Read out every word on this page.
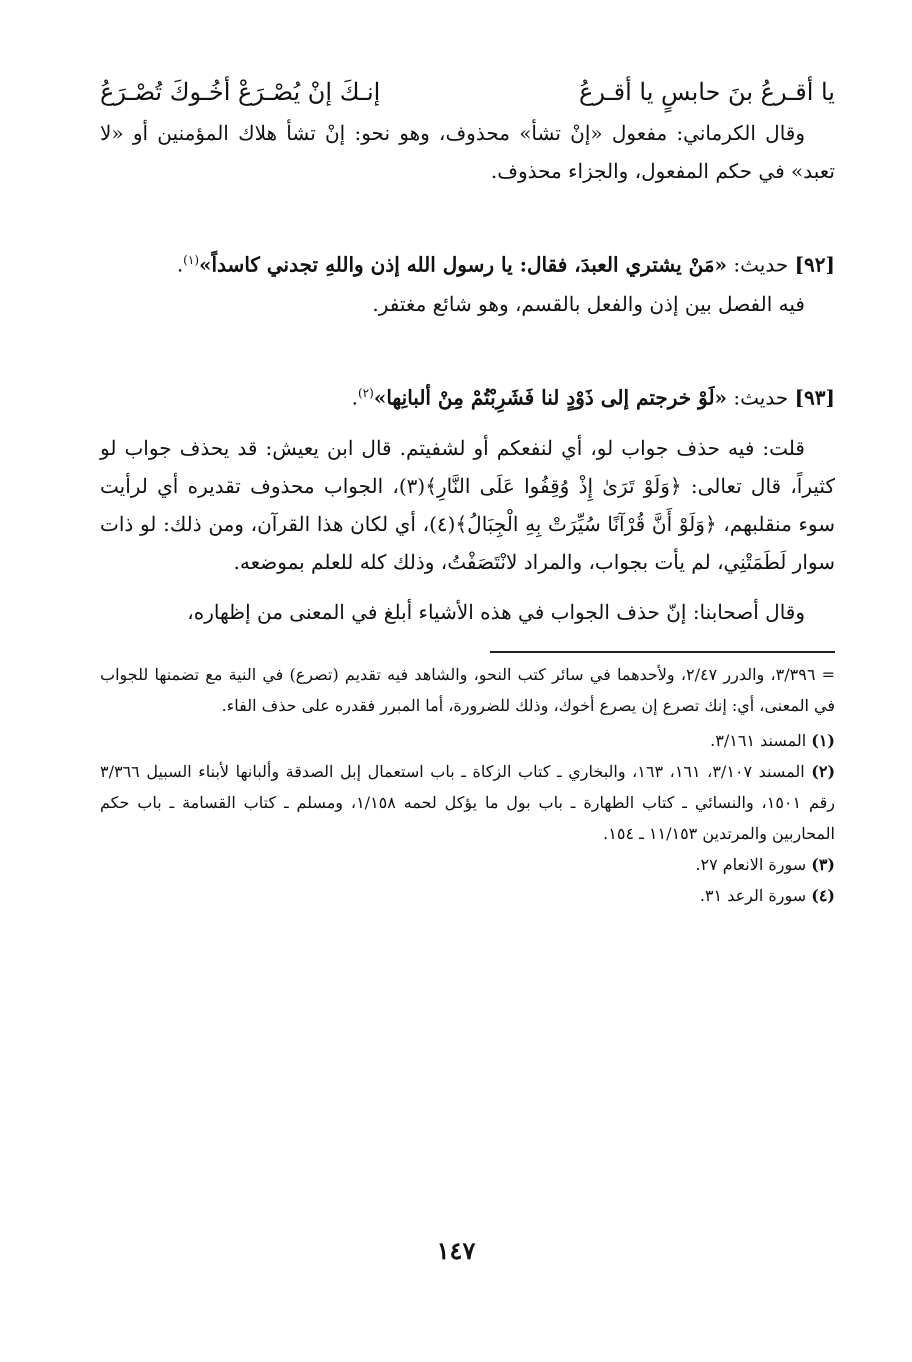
يا أقـرعُ بنَ حابسٍ يا أقـرعُ
إنـكَ إنْ يُصْـرَعْ أخُـوكَ تُصْـرَعُ

وقال الكرماني: مفعول «إنْ تشأ» محذوف، وهو نحو: إنْ تشأ هلاك المؤمنين أو «لا تعبد» في حكم المفعول، والجزاء محذوف.

[٩٢] حديث: «مَنْ يشتري العبدَ، فقال: يا رسول الله إذن واللهِ تجدني كاسداً»$^{(١)}$.

فيه الفصل بين إذن والفعل بالقسم، وهو شائع مغتفر.

[٩٣] حديث: «لَوْ خرجتم إلى ذَوْدٍ لنا فَشَرِبْتُمْ مِنْ ألبانِها»$^{(٢)}$.

قلت: فيه حذف جواب لو، أي لنفعكم أو لشفيتم. قال ابن يعيش: قد يحذف جواب لو كثيراً، قال تعالى: ﴿وَلَوْ تَرَىٰ إِذْ وُقِفُوا عَلَى النَّارِ﴾(٣)، الجواب محذوف تقديره أي لرأيت سوء منقلبهم، ﴿وَلَوْ أَنَّ قُرْآنًا سُيِّرَتْ بِهِ الْجِبَالُ﴾(٤)، أي لكان هذا القرآن، ومن ذلك: لو ذات سوار لَطَمَتْنِي، لم يأت بجواب، والمراد لانْتَصَفْتُ، وذلك كله للعلم بموضعه.

وقال أصحابنا: إنّ حذف الجواب في هذه الأشياء أبلغ في المعنى من إظهاره،

= ٣/٣٩٦، والدرر ٢/٤٧، ولأحدهما في سائر كتب النحو، والشاهد فيه تقديم (تصرع) في النية مع تضمنها للجواب في المعنى، أي: إنك تصرع إن يصرع أخوك، وذلك للضرورة، أما المبرر فقدره على حذف الفاء.

(١) المسند ٣/١٦١.

(٢) المسند ٣/١٠٧، ١٦١، ١٦٣، والبخاري ـ كتاب الزكاة ـ باب استعمال إبل الصدقة وألبانها لأبناء السبيل ٣/٣٦٦ رقم ١٥٠١، والنسائي ـ كتاب الطهارة ـ باب بول ما يؤكل لحمه ١/١٥٨، ومسلم ـ كتاب القسامة ـ باب حكم المحاربين والمرتدين ١١/١٥٣ ـ ١٥٤.

(٣) سورة الانعام ٢٧.

(٤) سورة الرعد ٣١.

١٤٧
